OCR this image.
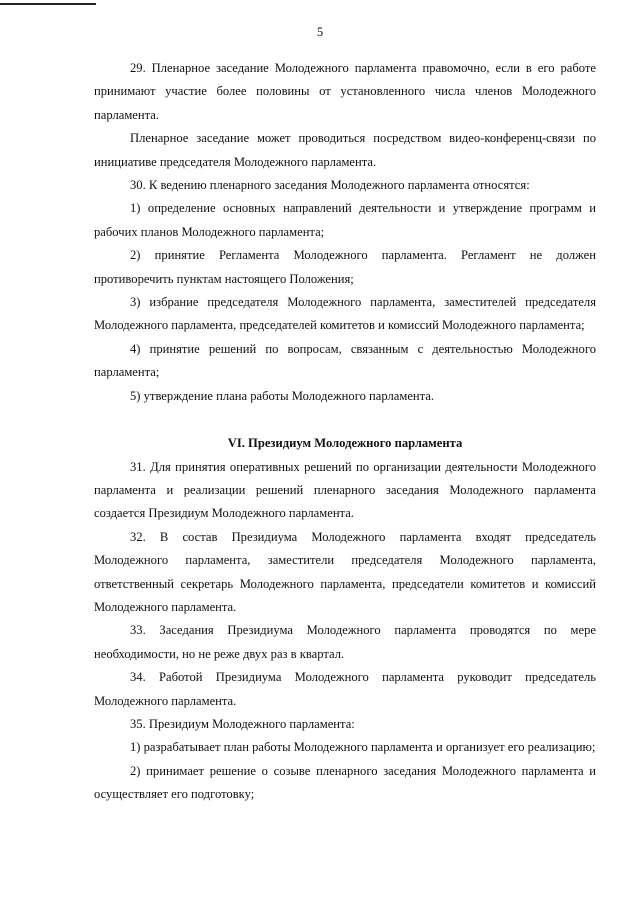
5

29. Пленарное заседание Молодежного парламента правомочно, если в его работе принимают участие более половины от установленного числа членов Молодежного парламента.

Пленарное заседание может проводиться посредством видео-конференц-связи по инициативе председателя Молодежного парламента.

30. К ведению пленарного заседания Молодежного парламента относятся:

1) определение основных направлений деятельности и утверждение программ и рабочих планов Молодежного парламента;

2) принятие Регламента Молодежного парламента. Регламент не должен противоречить пунктам настоящего Положения;

3) избрание председателя Молодежного парламента, заместителей председателя Молодежного парламента, председателей комитетов и комиссий Молодежного парламента;

4) принятие решений по вопросам, связанным с деятельностью Молодежного парламента;

5) утверждение плана работы Молодежного парламента.

VI. Президиум Молодежного парламента

31. Для принятия оперативных решений по организации деятельности Молодежного парламента и реализации решений пленарного заседания Молодежного парламента создается Президиум Молодежного парламента.

32. В состав Президиума Молодежного парламента входят председатель Молодежного парламента, заместители председателя Молодежного парламента, ответственный секретарь Молодежного парламента, председатели комитетов и комиссий Молодежного парламента.

33. Заседания Президиума Молодежного парламента проводятся по мере необходимости, но не реже двух раз в квартал.

34. Работой Президиума Молодежного парламента руководит председатель Молодежного парламента.

35. Президиум Молодежного парламента:

1) разрабатывает план работы Молодежного парламента и организует его реализацию;

2) принимает решение о созыве пленарного заседания Молодежного парламента и осуществляет его подготовку;
